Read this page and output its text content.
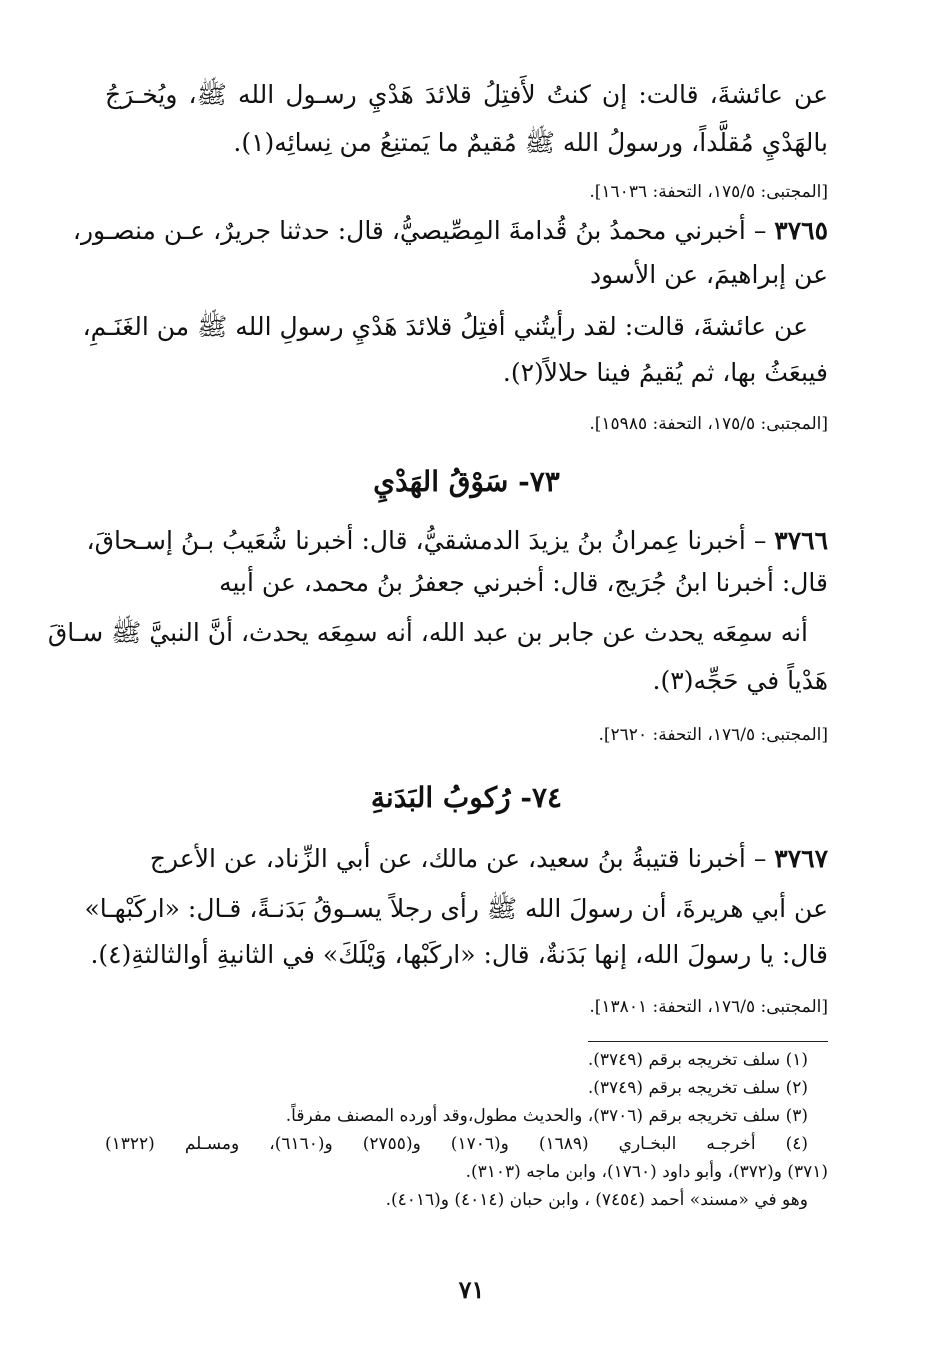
عن عائشةَ، قالت: إن كنتُ لأَفتِلُ قلائدَ هَدْيِ رسـول الله ﷺ، ويُخـرَجُ
بالهَدْيِ مُقلَّداً، ورسولُ الله ﷺ مُقيمٌ ما يَمتنِعُ من نِسائِه(١).
[المجتبى: ١٧٥/٥، التحفة: ١٦٠٣٦].
٣٧٦٥ – أخبرني محمدُ بنُ قُدامةَ المِصِّيصيُّ، قال: حدثنا جريرٌ، عـن منصـور،
عن إبراهيمَ، عن الأسود
عن عائشةَ، قالت: لقد رأيتُني أفتِلُ قلائدَ هَدْيِ رسولِ الله ﷺ من الغَنَـمِ،
فيبعَثُ بها، ثم يُقيمُ فينا حلالاً(٢).
[المجتبى: ١٧٥/٥، التحفة: ١٥٩٨٥].
٧٣- سَوْقُ الهَدْيِ
٣٧٦٦ – أخبرنا عِمرانُ بنُ يزيدَ الدمشقيُّ، قال: أخبرنا شُعَيبُ بـنُ إسـحاقَ،
قال: أخبرنا ابنُ جُرَيج، قال: أخبرني جعفرُ بنُ محمد، عن أبيه
أنه سمِعَه يحدث عن جابر بن عبد الله، أنه سمِعَه يحدث، أنَّ النبيَّ ﷺ سـاقَ
هَدْياً في حَجِّه(٣).
[المجتبى: ١٧٦/٥، التحفة: ٢٦٢٠].
٧٤- رُكوبُ البَدَنةِ
٣٧٦٧ – أخبرنا قتيبةُ بنُ سعيد، عن مالك، عن أبي الزِّناد، عن الأعرج
عن أبي هريرةَ، أن رسولَ الله ﷺ رأى رجلاً يسـوقُ بَدَنـةً، قـال: «اركَبْهـا»
قال: يا رسولَ الله، إنها بَدَنةٌ، قال: «اركَبْها، وَيْلَكَ» في الثانيةِ أوالثالثةِ(٤).
[المجتبى: ١٧٦/٥، التحفة: ١٣٨٠١].
(١) سلف تخريجه برقم (٣٧٤٩).
(٢) سلف تخريجه برقم (٣٧٤٩).
(٣) سلف تخريجه برقم (٣٧٠٦)، والحديث مطول،وقد أورده المصنف مفرقاً.
(٤) أخرجـه البخـاري (١٦٨٩) و(١٧٠٦) و(٢٧٥٥) و(٦١٦٠)، ومسـلم (١٣٢٢)
(٣٧١) و(٣٧٢)، وأبو داود (١٧٦٠)، وابن ماجه (٣١٠٣).
وهو في «مسند» أحمد (٧٤٥٤) ، وابن حبان (٤٠١٤) و(٤٠١٦).
٧١
